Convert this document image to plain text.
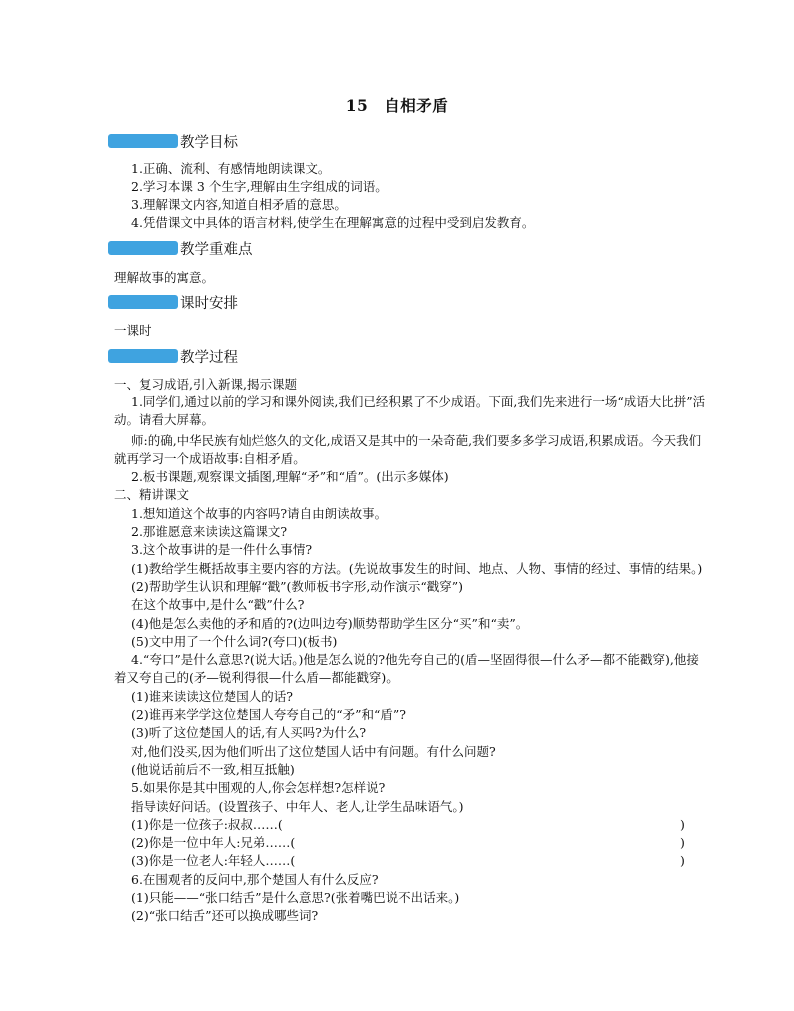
15 自相矛盾
教学目标
1.正确、流利、有感情地朗读课文。
2.学习本课 3 个生字,理解由生字组成的词语。
3.理解课文内容,知道自相矛盾的意思。
4.凭借课文中具体的语言材料,使学生在理解寓意的过程中受到启发教育。
教学重难点
理解故事的寓意。
课时安排
一课时
教学过程
一、复习成语,引入新课,揭示课题
1.同学们,通过以前的学习和课外阅读,我们已经积累了不少成语。下面,我们先来进行一场“成语大比拼”活
动。请看大屏幕。
师:的确,中华民族有灿烂悠久的文化,成语又是其中的一朵奇葩,我们要多多学习成语,积累成语。今天我们
就再学习一个成语故事:自相矛盾。
2.板书课题,观察课文插图,理解“矛”和“盾”。(出示多媒体)
二、精讲课文
1.想知道这个故事的内容吗?请自由朗读故事。
2.那谁愿意来读读这篇课文?
3.这个故事讲的是一件什么事情?
(1)教给学生概括故事主要内容的方法。(先说故事发生的时间、地点、人物、事情的经过、事情的结果。)
(2)帮助学生认识和理解“戳”(教师板书字形,动作演示“戳穿”)
在这个故事中,是什么“戳”什么?
(4)他是怎么卖他的矛和盾的?(边叫边夸)顺势帮助学生区分“买”和“卖”。
(5)文中用了一个什么词?(夸口)(板书)
4.“夸口”是什么意思?(说大话。)他是怎么说的?他先夸自己的(盾—坚固得很—什么矛—都不能戳穿),他接
着又夸自己的(矛—锐利得很—什么盾—都能戳穿)。
(1)谁来读读这位楚国人的话?
(2)谁再来学学这位楚国人夸夸自己的“矛”和“盾”?
(3)听了这位楚国人的话,有人买吗?为什么?
对,他们没买,因为他们听出了这位楚国人话中有问题。有什么问题?
(他说话前后不一致,相互抵触)
5.如果你是其中围观的人,你会怎样想?怎样说?
指导读好问话。(设置孩子、中年人、老人,让学生品味语气。)
(1)你是一位孩子:叔叔……(	)
(2)你是一位中年人:兄弟……(	)
(3)你是一位老人:年轻人……(	)
6.在围观者的反问中,那个楚国人有什么反应?
(1)只能——“张口结舌”是什么意思?(张着嘴巴说不出话来。)
(2)“张口结舌”还可以换成哪些词?
